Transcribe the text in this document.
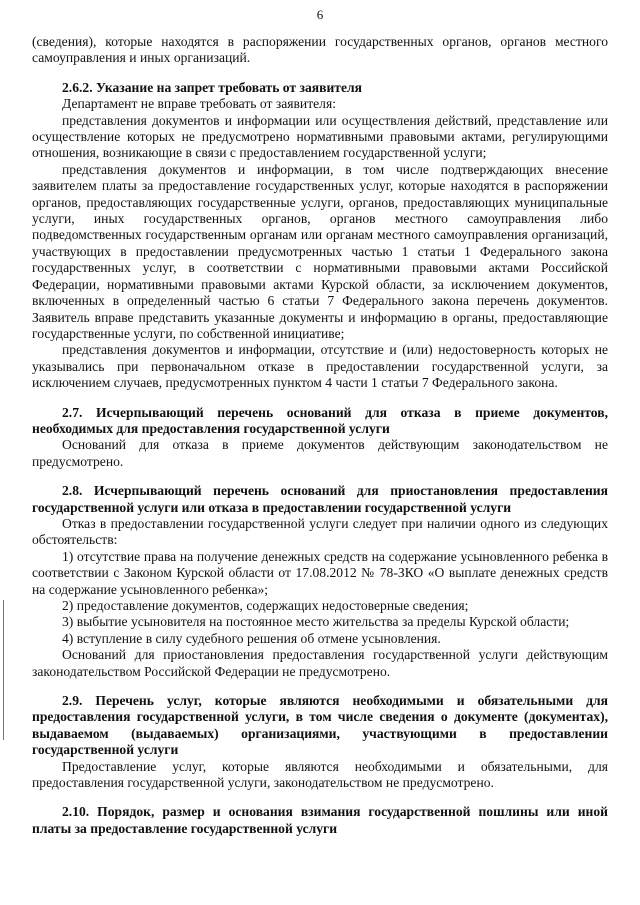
6

(сведения), которые находятся в распоряжении государственных органов, органов местного самоуправления и иных организаций.

2.6.2. Указание на запрет требовать от заявителя

Департамент не вправе требовать от заявителя:

представления документов и информации или осуществления действий, представление или осуществление которых не предусмотрено нормативными правовыми актами, регулирующими отношения, возникающие в связи с предоставлением государственной услуги;

представления документов и информации, в том числе подтверждающих внесение заявителем платы за предоставление государственных услуг, которые находятся в распоряжении органов, предоставляющих государственные услуги, органов, предоставляющих муниципальные услуги, иных государственных органов, органов местного самоуправления либо подведомственных государственным органам или органам местного самоуправления организаций, участвующих в предоставлении предусмотренных частью 1 статьи 1 Федерального закона государственных услуг, в соответствии с нормативными правовыми актами Российской Федерации, нормативными правовыми актами Курской области, за исключением документов, включенных в определенный частью 6 статьи 7 Федерального закона перечень документов. Заявитель вправе представить указанные документы и информацию в органы, предоставляющие государственные услуги, по собственной инициативе;

представления документов и информации, отсутствие и (или) недостоверность которых не указывались при первоначальном отказе в предоставлении государственной услуги, за исключением случаев, предусмотренных пунктом 4 части 1 статьи 7 Федерального закона.

2.7. Исчерпывающий перечень оснований для отказа в приеме документов, необходимых для предоставления государственной услуги

Оснований для отказа в приеме документов действующим законодательством не предусмотрено.

2.8. Исчерпывающий перечень оснований для приостановления предоставления государственной услуги или отказа в предоставлении государственной услуги

Отказ в предоставлении государственной услуги следует при наличии одного из следующих обстоятельств:

1) отсутствие права на получение денежных средств на содержание усыновленного ребенка в соответствии с Законом Курской области от 17.08.2012 № 78-ЗКО «О выплате денежных средств на содержание усыновленного ребенка»;

2) предоставление документов, содержащих недостоверные сведения;

3) выбытие усыновителя на постоянное место жительства за пределы Курской области;

4) вступление в силу судебного решения об отмене усыновления.

Оснований для приостановления предоставления государственной услуги действующим законодательством Российской Федерации не предусмотрено.

2.9. Перечень услуг, которые являются необходимыми и обязательными для предоставления государственной услуги, в том числе сведения о документе (документах), выдаваемом (выдаваемых) организациями, участвующими в предоставлении государственной услуги

Предоставление услуг, которые являются необходимыми и обязательными, для предоставления государственной услуги, законодательством не предусмотрено.

2.10. Порядок, размер и основания взимания государственной пошлины или иной платы за предоставление государственной услуги
